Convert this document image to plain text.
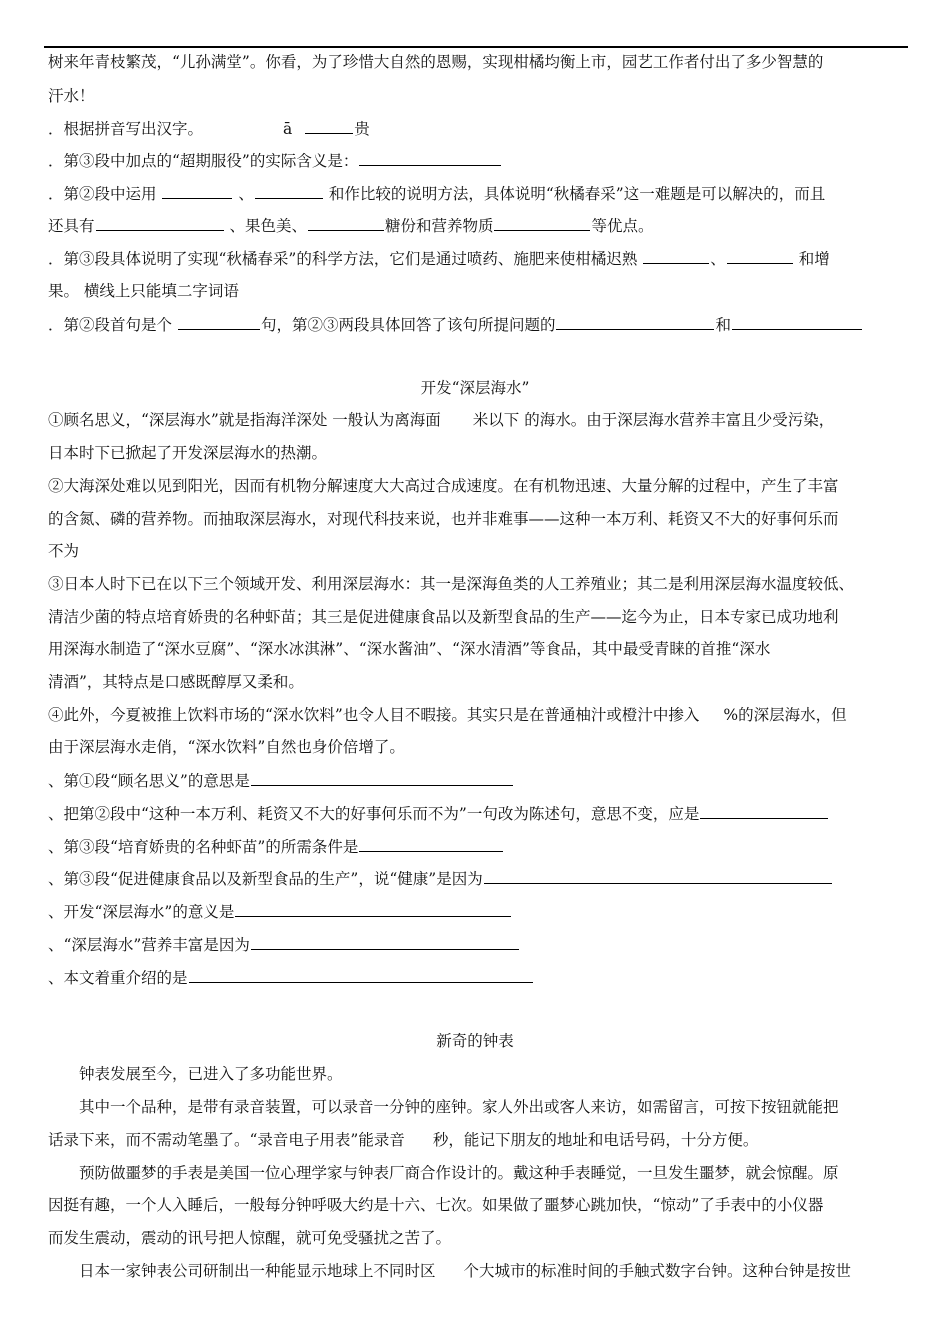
树来年青枝繁茂，“儿孙满堂”。你看，为了珍惜大自然的恩赐，实现柑橘均衡上市，园艺工作者付出了多少智慧的
汗水！
．根据拼音写出汉字。	ā	贵
．第③段中加点的“超期服役”的实际含义是：
．第②段中运用	、	和作比较的说明方法，具体说明“秋橘春采”这一难题是可以解决的，而且
还具有	、果色美、	糖份和营养物质	等优点。
．第③段具体说明了实现“秋橘春采”的科学方法，它们是通过喷药、施肥来使柑橘迟熟	、	和增
果。 横线上只能填二字词语
．第②段首句是个	句，第②③两段具体回答了该句所提问题的	和
开发“深层海水”
①顾名思义，“深层海水”就是指海洋深处 一般认为离海面 米以下 的海水。由于深层海水营养丰富且少受污染，
日本时下已掀起了开发深层海水的热潮。
②大海深处难以见到阳光，因而有机物分解速度大大高过合成速度。在有机物迅速、大量分解的过程中，产生了丰富
的含氮、磷的营养物。而抽取深层海水，对现代科技来说，也并非难事——这种一本万利、耗资又不大的好事何乐而
不为
③日本人时下已在以下三个领域开发、利用深层海水：其一是深海鱼类的人工养殖业；其二是利用深层海水温度较低、
清洁少菌的特点培育娇贵的名种虾苗；其三是促进健康食品以及新型食品的生产——迄今为止，日本专家已成功地利
用深海水制造了“深水豆腐”、“深水冰淇淋”、“深水酱油”、“深水清酒”等食品，其中最受青睐的首推“深水
清酒”，其特点是口感既醇厚又柔和。
④此外，今夏被推上饮料市场的“深水饮料”也令人目不暇接。其实只是在普通柚汁或橙汁中掺入 %的深层海水，但
由于深层海水走俏，“深水饮料”自然也身价倍增了。
、第①段“顾名思义”的意思是
、把第②段中“这种一本万利、耗资又不大的好事何乐而不为”一句改为陈述句，意思不变，应是
、第③段“培育娇贵的名种虾苗”的所需条件是
、第③段“促进健康食品以及新型食品的生产”，说“健康”是因为
、开发“深层海水”的意义是
、“深层海水”营养丰富是因为
、本文着重介绍的是
新奇的钟表
钟表发展至今，已进入了多功能世界。
其中一个品种，是带有录音装置，可以录音一分钟的座钟。家人外出或客人来访，如需留言，可按下按钮就能把
话录下来，而不需动笔墨了。“录音电子用表”能录音 秒，能记下朋友的地址和电话号码，十分方便。
预防做噩梦的手表是美国一位心理学家与钟表厂商合作设计的。戴这种手表睡觉，一旦发生噩梦，就会惊醒。原
因挺有趣，一个人入睡后，一般每分钟呼吸大约是十六、七次。如果做了噩梦心跳加快，“惊动”了手表中的小仪器
而发生震动，震动的讯号把人惊醒，就可免受骚扰之苦了。
日本一家钟表公司研制出一种能显示地球上不同时区 个大城市的标准时间的手触式数字台钟。这种台钟是按世
